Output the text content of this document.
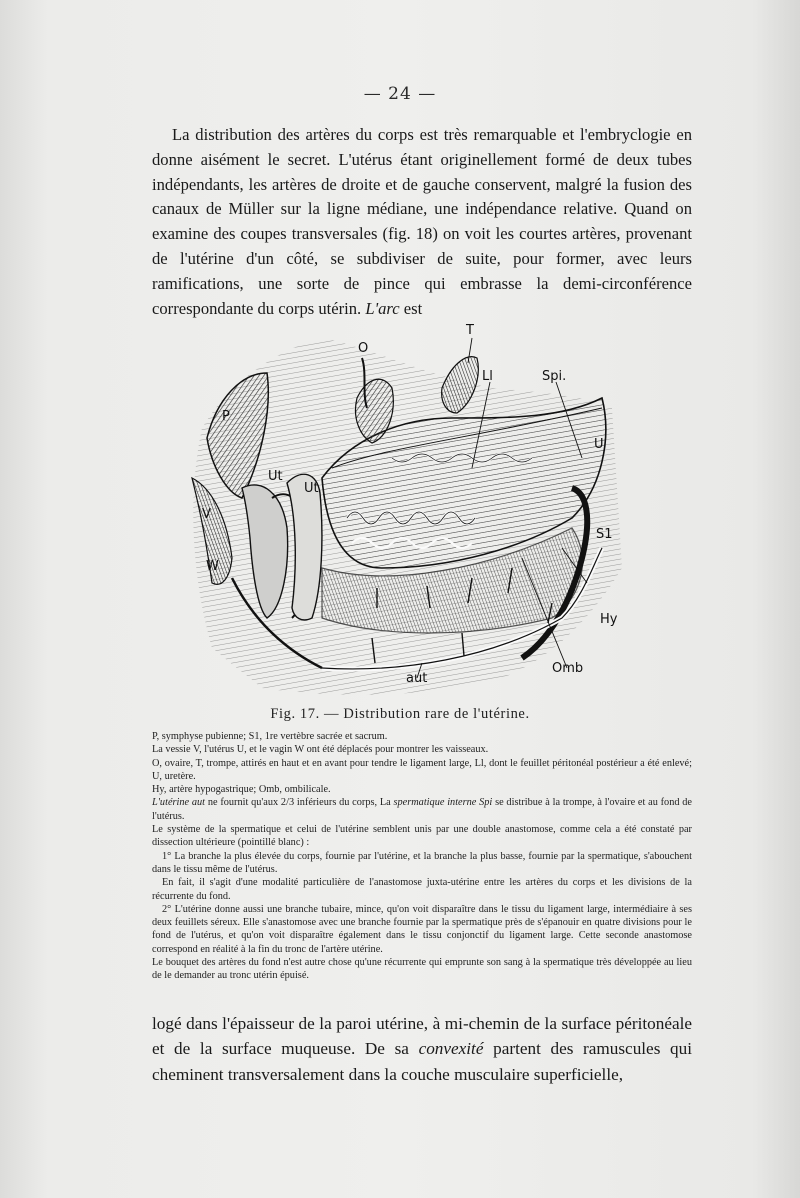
— 24 —

La distribution des artères du corps est très remarquable et l'embryclogie en donne aisément le secret. L'utérus étant originellement formé de deux tubes indépendants, les artères de droite et de gauche conservent, malgré la fusion des canaux de Müller sur la ligne médiane, une indépendance relative. Quand on examine des coupes transversales (fig. 18) on voit les courtes artères, provenant de l'utérine d'un côté, se subdiviser de suite, pour former, avec leurs ramifications, une sorte de pince qui embrasse la demi-circonférence correspondante du corps utérin. L'arc est

O
T
Ll	Spi.
P
U
Ut
Ut
V
W
S1
Hy
Omb
aut
Fig. 17. — Distribution rare de l'utérine.

P, symphyse pubienne; S1, 1re vertèbre sacrée et sacrum.

La vessie V, l'utérus U, et le vagin W ont été déplacés pour montrer les vaisseaux.

O, ovaire, T, trompe, attirés en haut et en avant pour tendre le ligament large, Ll, dont le feuillet péritonéal postérieur a été enlevé; U, uretère.

Hy, artère hypogastrique; Omb, ombilicale.

L'utérine aut ne fournit qu'aux 2/3 inférieurs du corps, La spermatique interne Spi se distribue à la trompe, à l'ovaire et au fond de l'utérus.

Le système de la spermatique et celui de l'utérine semblent unis par une double anastomose, comme cela a été constaté par dissection ultérieure (pointillé blanc) :

1° La branche la plus élevée du corps, fournie par l'utérine, et la branche la plus basse, fournie par la spermatique, s'abouchent dans le tissu même de l'utérus.

En fait, il s'agit d'une modalité particulière de l'anastomose juxta-utérine entre les artères du corps et les divisions de la récurrente du fond.

2° L'utérine donne aussi une branche tubaire, mince, qu'on voit disparaître dans le tissu du ligament large, intermédiaire à ses deux feuillets séreux. Elle s'anastomose avec une branche fournie par la spermatique près de s'épanouir en quatre divisions pour le fond de l'utérus, et qu'on voit disparaître également dans le tissu conjonctif du ligament large. Cette seconde anastomose correspond en réalité à la fin du tronc de l'artère utérine.

Le bouquet des artères du fond n'est autre chose qu'une récurrente qui emprunte son sang à la spermatique très développée au lieu de le demander au tronc utérin épuisé.

logé dans l'épaisseur de la paroi utérine, à mi-chemin de la surface péritonéale et de la surface muqueuse. De sa convexité partent des ramuscules qui cheminent transversalement dans la couche musculaire superficielle,
